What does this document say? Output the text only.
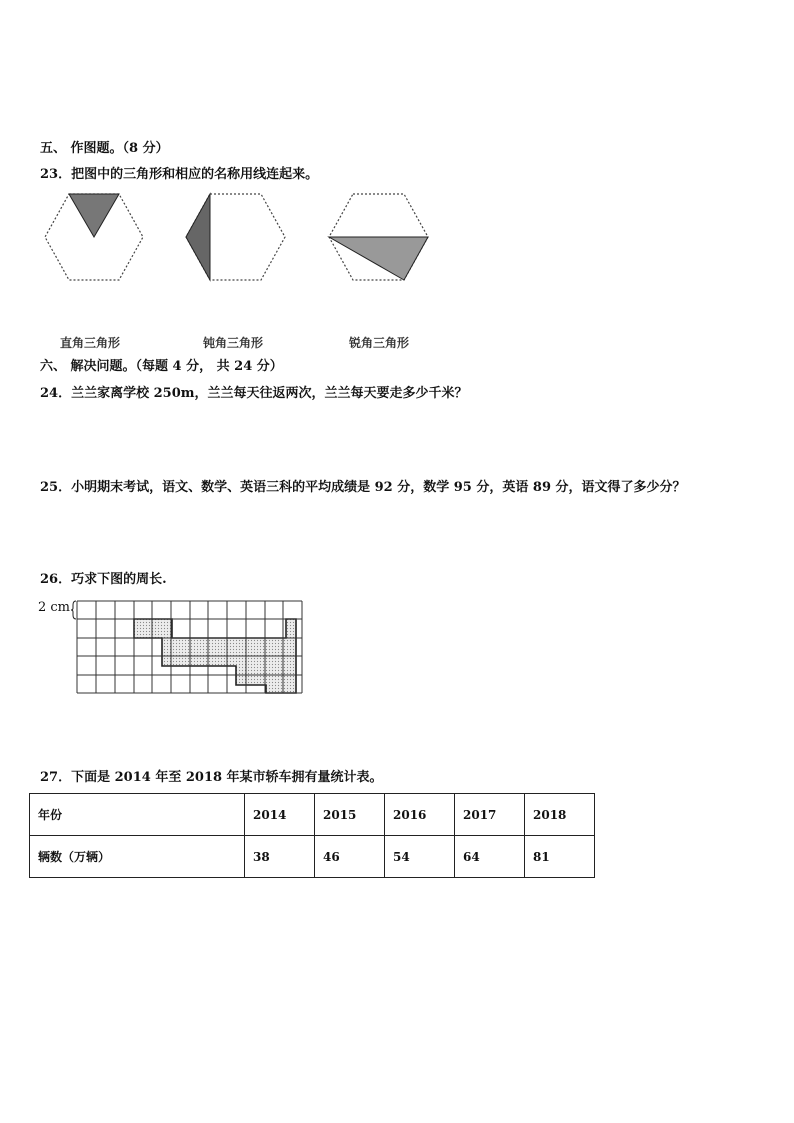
五、 作图题。（8 分）
23．把图中的三角形和相应的名称用线连起来。
直角三角形	钝角三角形	锐角三角形
六、 解决问题。（每题 4 分， 共 24 分）
24．兰兰家离学校 250m，兰兰每天往返两次，兰兰每天要走多少千米？
25．小明期末考试，语文、数学、英语三科的平均成绩是 92 分，数学 95 分，英语 89 分，语文得了多少分？
26．巧求下图的周长.
2 cm
27．下面是 2014 年至 2018 年某市轿车拥有量统计表。
年份	2014	2015	2016	2017	2018
辆数（万辆）	38	46	54	64	81
